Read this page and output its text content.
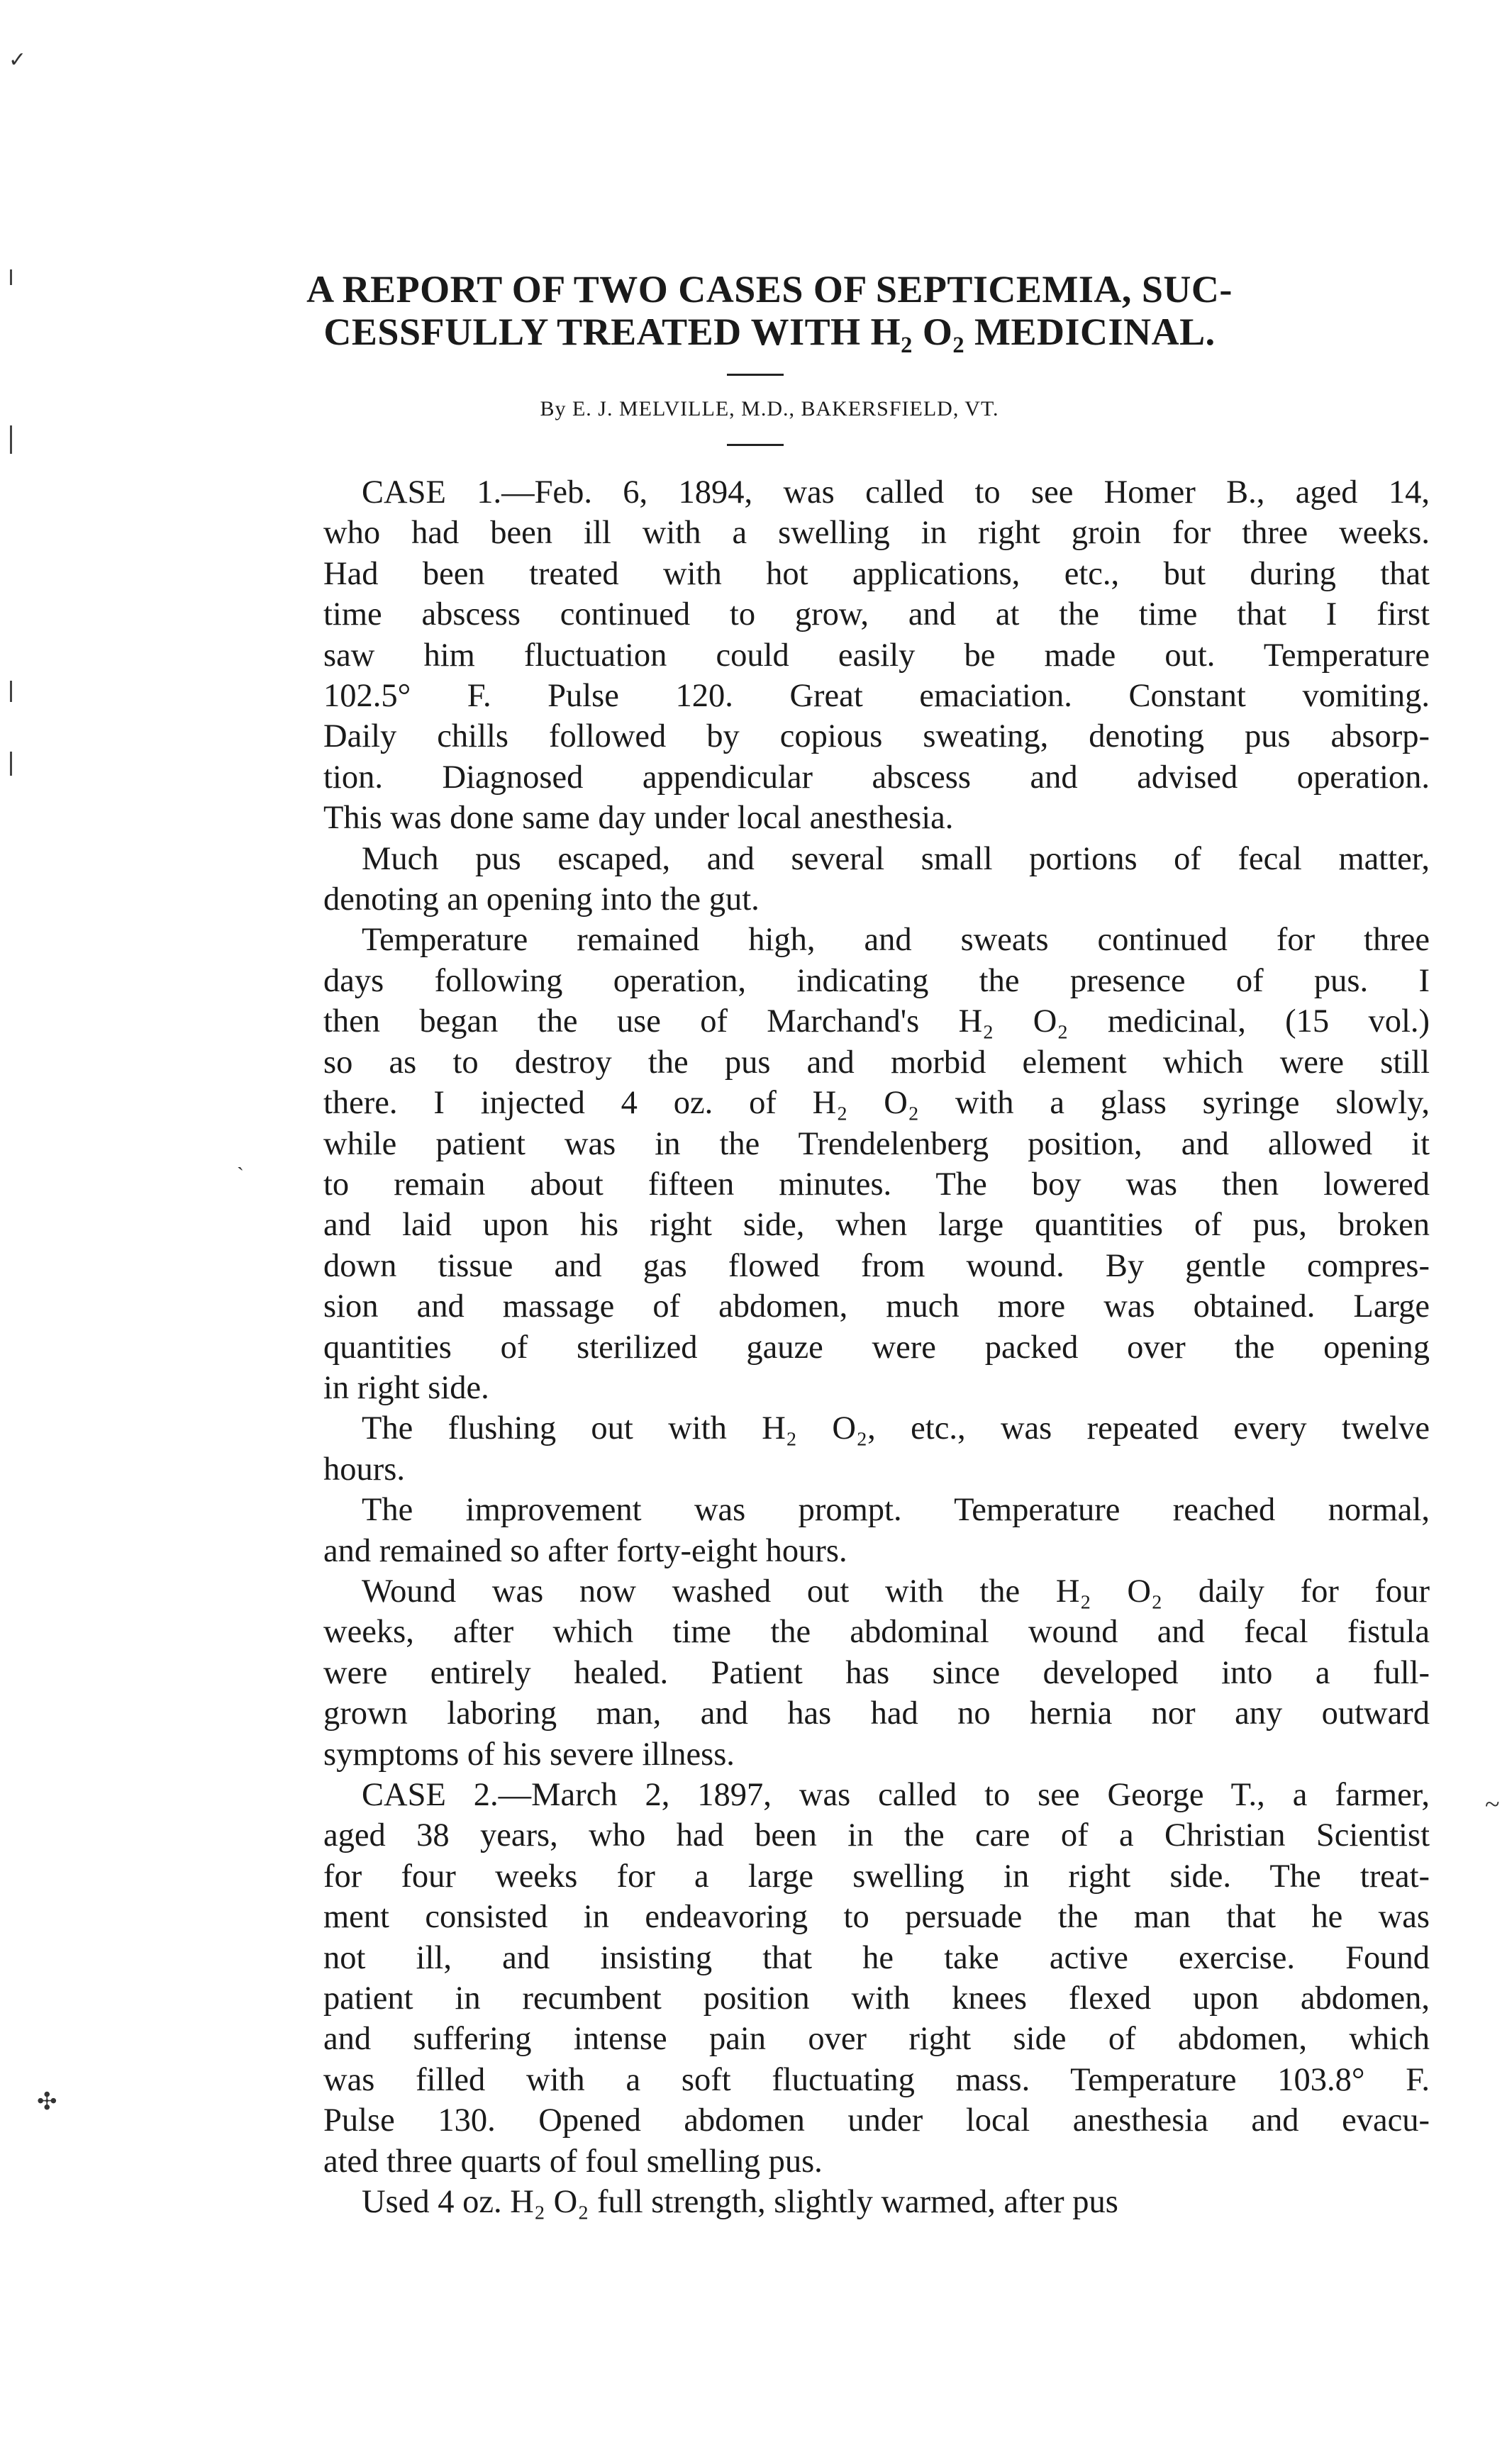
✓
~
✣
ˎ
A REPORT OF TWO CASES OF SEPTICEMIA, SUC-
CESSFULLY TREATED WITH H₂ O₂ MEDICINAL.
By E. J. MELVILLE, M.D., BAKERSFIELD, VT.
CASE 1.—Feb. 6, 1894, was called to see Homer B., aged 14,
who had been ill with a swelling in right groin for three weeks.
Had been treated with hot applications, etc., but during that
time abscess continued to grow, and at the time that I first
saw him fluctuation could easily be made out. Temperature
102.5° F. Pulse 120. Great emaciation. Constant vomiting.
Daily chills followed by copious sweating, denoting pus absorp-
tion. Diagnosed appendicular abscess and advised operation.
This was done same day under local anesthesia.
Much pus escaped, and several small portions of fecal matter,
denoting an opening into the gut.
Temperature remained high, and sweats continued for three
days following operation, indicating the presence of pus. I
then began the use of Marchand's H₂ O₂ medicinal, (15 vol.)
so as to destroy the pus and morbid element which were still
there. I injected 4 oz. of H₂ O₂ with a glass syringe slowly,
while patient was in the Trendelenberg position, and allowed it
to remain about fifteen minutes. The boy was then lowered
and laid upon his right side, when large quantities of pus, broken
down tissue and gas flowed from wound. By gentle compres-
sion and massage of abdomen, much more was obtained. Large
quantities of sterilized gauze were packed over the opening
in right side.
The flushing out with H₂ O₂, etc., was repeated every twelve
hours.
The improvement was prompt. Temperature reached normal,
and remained so after forty-eight hours.
Wound was now washed out with the H₂ O₂ daily for four
weeks, after which time the abdominal wound and fecal fistula
were entirely healed. Patient has since developed into a full-
grown laboring man, and has had no hernia nor any outward
symptoms of his severe illness.
CASE 2.—March 2, 1897, was called to see George T., a farmer,
aged 38 years, who had been in the care of a Christian Scientist
for four weeks for a large swelling in right side. The treat-
ment consisted in endeavoring to persuade the man that he was
not ill, and insisting that he take active exercise. Found
patient in recumbent position with knees flexed upon abdomen,
and suffering intense pain over right side of abdomen, which
was filled with a soft fluctuating mass. Temperature 103.8° F.
Pulse 130. Opened abdomen under local anesthesia and evacu-
ated three quarts of foul smelling pus.
Used 4 oz. H₂ O₂ full strength, slightly warmed, after pus
